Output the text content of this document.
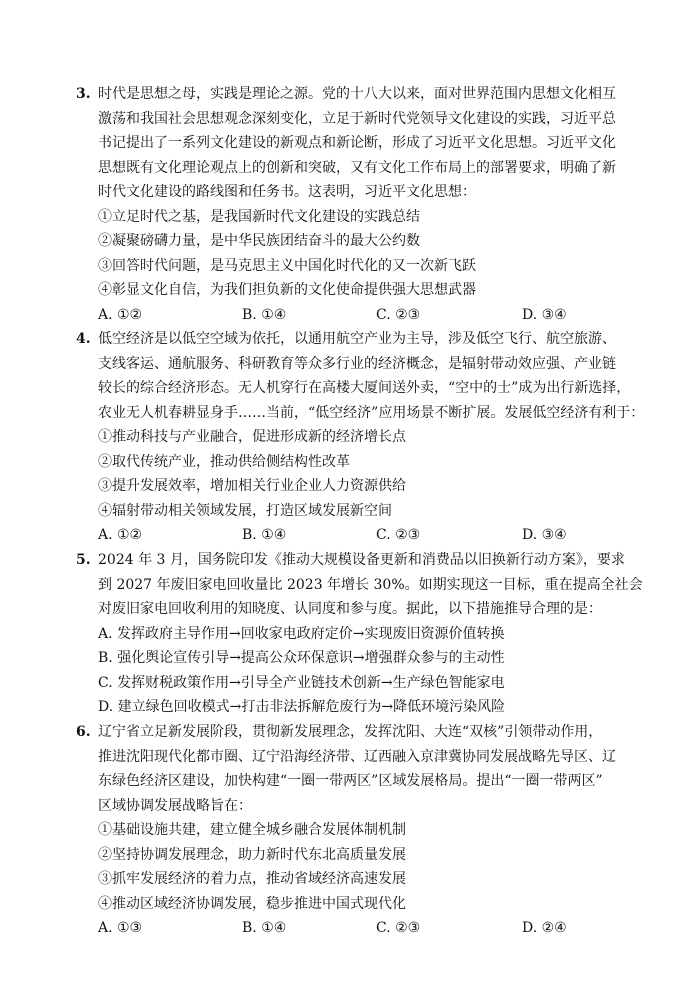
3. 时代是思想之母，实践是理论之源。党的十八大以来，面对世界范围内思想文化相互
激荡和我国社会思想观念深刻变化，立足于新时代党领导文化建设的实践，习近平总
书记提出了一系列文化建设的新观点和新论断，形成了习近平文化思想。习近平文化
思想既有文化理论观点上的创新和突破，又有文化工作布局上的部署要求，明确了新
时代文化建设的路线图和任务书。这表明，习近平文化思想：
①立足时代之基，是我国新时代文化建设的实践总结
②凝聚磅礴力量，是中华民族团结奋斗的最大公约数
③回答时代问题，是马克思主义中国化时代化的又一次新飞跃
④彰显文化自信，为我们担负新的文化使命提供强大思想武器
A. ①②	B. ①④	C. ②③	D. ③④
4. 低空经济是以低空空域为依托，以通用航空产业为主导，涉及低空飞行、航空旅游、
支线客运、通航服务、科研教育等众多行业的经济概念，是辐射带动效应强、产业链
较长的综合经济形态。无人机穿行在高楼大厦间送外卖，“空中的士”成为出行新选择，
农业无人机春耕显身手……当前，“低空经济”应用场景不断扩展。发展低空经济有利于：
①推动科技与产业融合，促进形成新的经济增长点
②取代传统产业，推动供给侧结构性改革
③提升发展效率，增加相关行业企业人力资源供给
④辐射带动相关领域发展，打造区域发展新空间
A. ①②	B. ①④	C. ②③	D. ③④
5. 2024 年 3 月，国务院印发《推动大规模设备更新和消费品以旧换新行动方案》，要求
到 2027 年废旧家电回收量比 2023 年增长 30%。如期实现这一目标，重在提高全社会
对废旧家电回收利用的知晓度、认同度和参与度。据此，以下措施推导合理的是：
A. 发挥政府主导作用→回收家电政府定价→实现废旧资源价值转换
B. 强化舆论宣传引导→提高公众环保意识→增强群众参与的主动性
C. 发挥财税政策作用→引导全产业链技术创新→生产绿色智能家电
D. 建立绿色回收模式→打击非法拆解危废行为→降低环境污染风险
6. 辽宁省立足新发展阶段，贯彻新发展理念，发挥沈阳、大连“双核”引领带动作用，
推进沈阳现代化都市圈、辽宁沿海经济带、辽西融入京津冀协同发展战略先导区、辽
东绿色经济区建设，加快构建“一圈一带两区”区域发展格局。提出“一圈一带两区”
区域协调发展战略旨在：
①基础设施共建，建立健全城乡融合发展体制机制
②坚持协调发展理念，助力新时代东北高质量发展
③抓牢发展经济的着力点，推动省域经济高速发展
④推动区域经济协调发展，稳步推进中国式现代化
A. ①③	B. ①④	C. ②③	D. ②④
